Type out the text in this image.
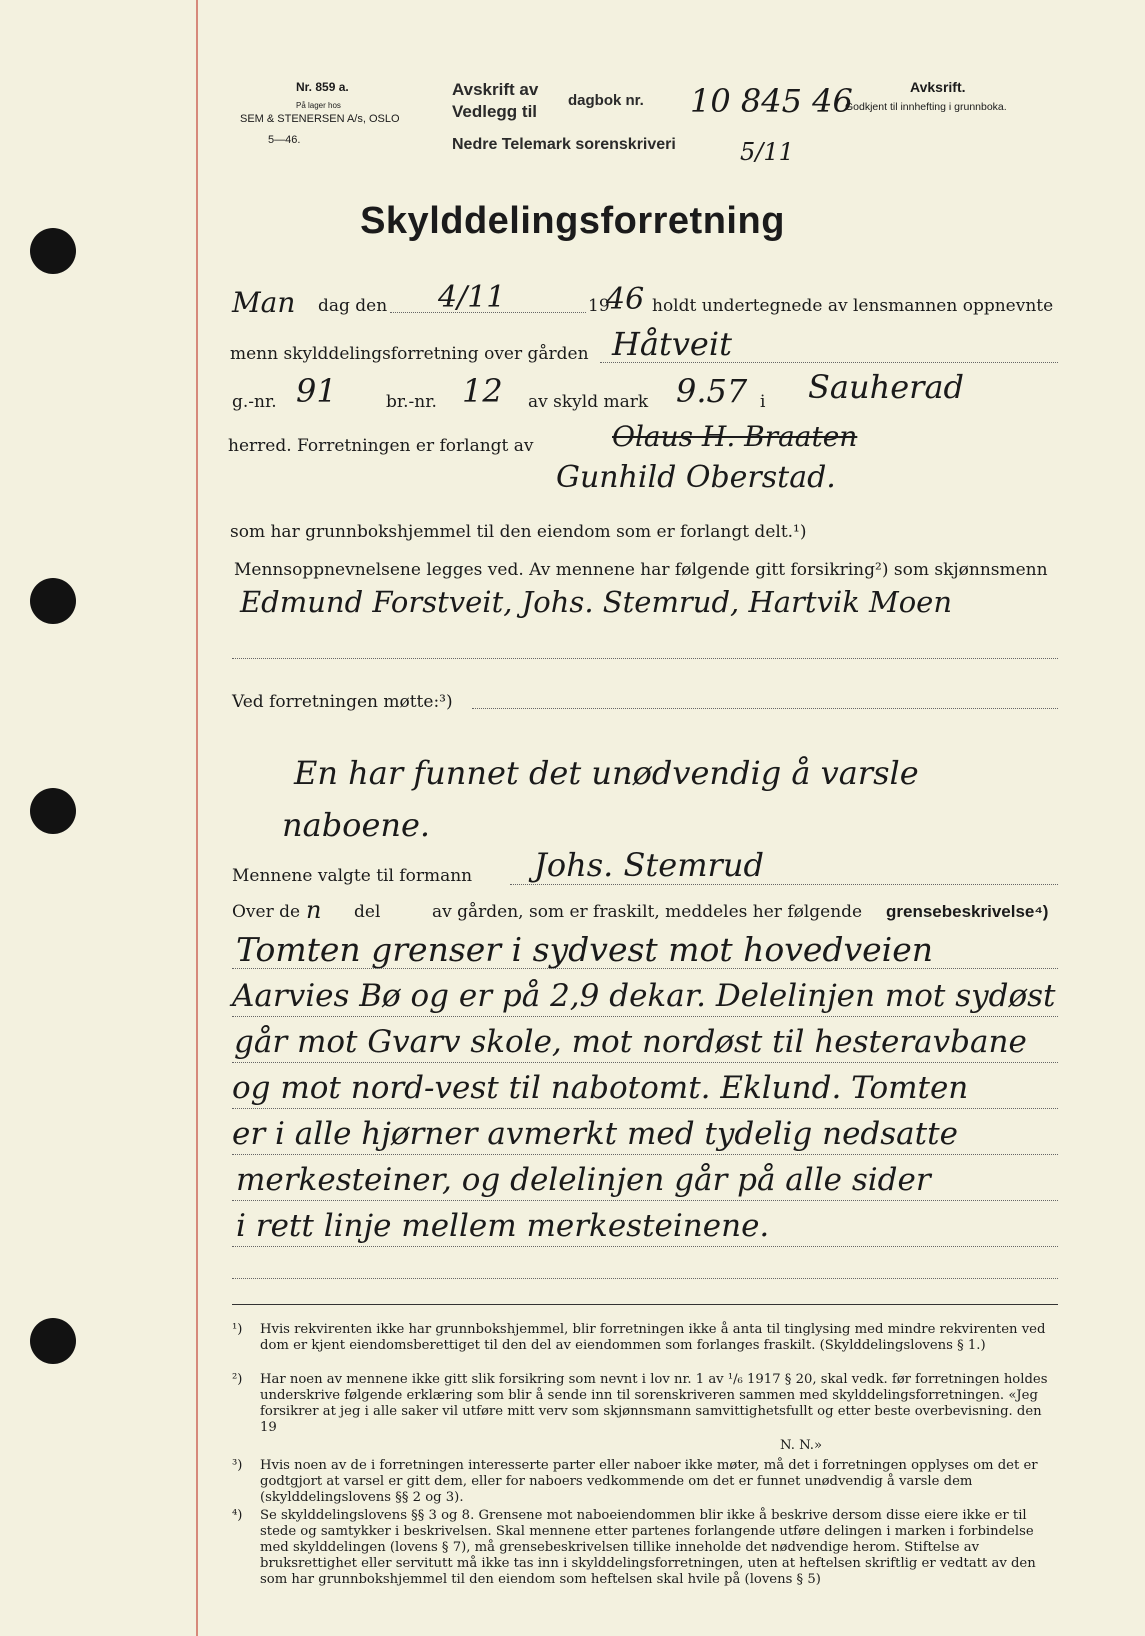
Nr. 859 a.
På lager hos
SEM & STENERSEN A/s, OSLO
5—46.
Avskrift av
Vedlegg til
dagbok nr.
Nedre Telemark sorenskriveri
10 845 46
5/11
Avksrift.
Godkjent til innhefting i grunnboka.
Skylddelingsforretning
Man dag den 4/11	19
46 holdt undertegnede av lensmannen oppnevnte
menn skylddelingsforretning over gården Håtveit
g.-nr. 91	br.-nr. 12 av skyld mark 9.57 i Sauherad
herred. Forretningen er forlangt av	Olaus H. Braaten
Gunhild Oberstad.
som har grunnbokshjemmel til den eiendom som er forlangt delt.¹)
Mennsoppnevnelsene legges ved. Av mennene har følgende gitt forsikring²) som skjønnsmenn
Edmund Forstveit, Johs. Stemrud, Hartvik Moen
Ved forretningen møtte:³)
En har funnet det unødvendig å varsle
naboene.
Mennene valgte til formann Johs. Stemrud
Over de n del	av gården, som er fraskilt, meddeles her følgende grensebeskrivelse⁴)
Tomten grenser i sydvest mot hovedveien
Aarvies Bø og er på 2,9 dekar. Delelinjen mot sydøst
går mot Gvarv skole, mot nordøst til hesteravbane
og mot nord-vest til nabotomt. Eklund. Tomten
er i alle hjørner avmerkt med tydelig nedsatte
merkesteiner, og delelinjen går på alle sider
i rett linje mellem merkesteinene.
¹)	Hvis rekvirenten ikke har grunnbokshjemmel, blir forretningen ikke å anta til tinglysing med mindre rekvirenten ved dom er kjent eiendomsberettiget til den del av eiendommen som forlanges fraskilt. (Skylddelingslovens § 1.)
²)	Har noen av mennene ikke gitt slik forsikring som nevnt i lov nr. 1 av ¹/₆ 1917 § 20, skal vedk. før forretningen holdes underskrive følgende erklæring som blir å sende inn til sorenskriveren sammen med skylddelingsforretningen. «Jeg forsikrer at jeg i alle saker vil utføre mitt verv som skjønnsmann samvittighetsfullt og etter beste overbevisning. den 19
N. N.»
³)	Hvis noen av de i forretningen interesserte parter eller naboer ikke møter, må det i forretningen opplyses om det er godtgjort at varsel er gitt dem, eller for naboers vedkommende om det er funnet unødvendig å varsle dem (skylddelingslovens §§ 2 og 3).
⁴)	Se skylddelingslovens §§ 3 og 8. Grensene mot naboeiendommen blir ikke å beskrive dersom disse eiere ikke er til stede og samtykker i beskrivelsen. Skal mennene etter partenes forlangende utføre delingen i marken i forbindelse med skylddelingen (lovens § 7), må grensebeskrivelsen tillike inneholde det nødvendige herom. Stiftelse av bruksrettighet eller servitutt må ikke tas inn i skylddelingsforretningen, uten at heftelsen skriftlig er vedtatt av den som har grunnbokshjemmel til den eiendom som heftelsen skal hvile på (lovens § 5)
